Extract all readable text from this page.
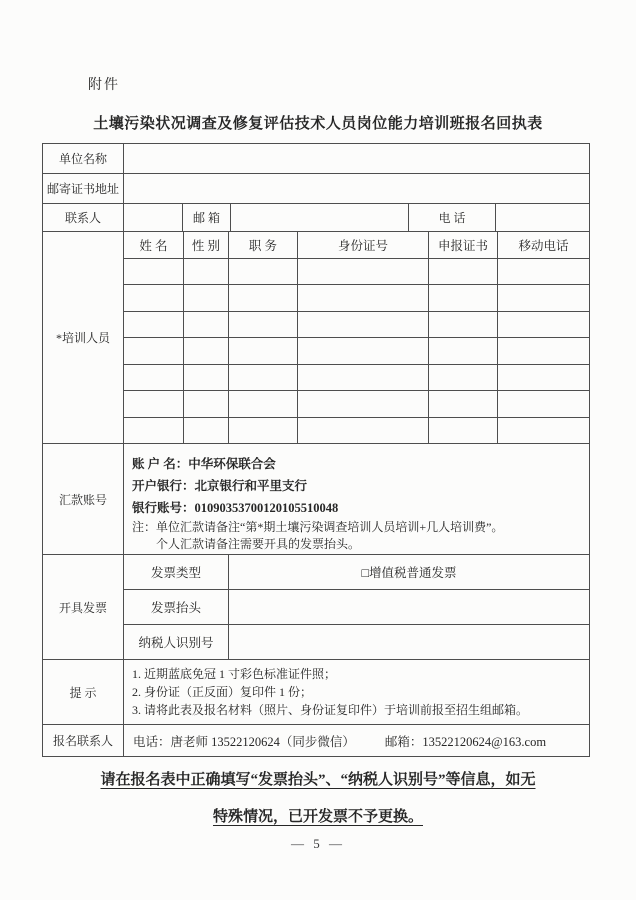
附件
土壤污染状况调查及修复评估技术人员岗位能力培训班报名回执表
单位名称
邮寄证书地址
联系人	邮 箱	电 话
*培训人员
姓 名	性 别	职 务	身份证号	申报证书	移动电话
汇款账号
账 户 名：中华环保联合会
开户银行：北京银行和平里支行
银行账号：01090353700120105510048
注：单位汇款请备注“第*期土壤污染调查培训人员培训+几人培训费”。
个人汇款请备注需要开具的发票抬头。
开具发票
发票类型	□增值税普通发票
发票抬头
纳税人识别号
提 示
1. 近期蓝底免冠 1 寸彩色标准证件照；
2. 身份证（正反面）复印件 1 份；
3. 请将此表及报名材料（照片、身份证复印件）于培训前报至招生组邮箱。
报名联系人	电话：唐老师 13522120624（同步微信） 邮箱：13522120624@163.com
请在报名表中正确填写“发票抬头”、“纳税人识别号”等信息，如无
特殊情况，已开发票不予更换。
— 5 —
